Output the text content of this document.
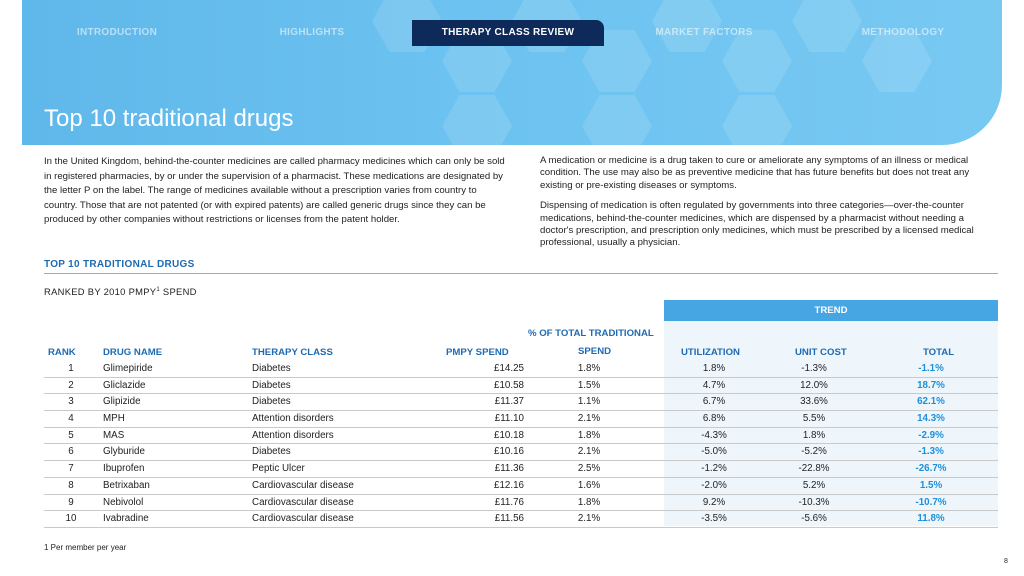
INTRODUCTION	HIGHLIGHTS	THERAPY CLASS REVIEW	MARKET FACTORS	METHODOLOGY
Top 10 traditional drugs
In the United Kingdom, behind-the-counter medicines are called pharmacy medicines which can only be sold in registered pharmacies, by or under the supervision of a pharmacist. These medications are designated by the letter P on the label. The range of medicines available without a prescription varies from country to country. Those that are not patented (or with expired patents) are called generic drugs since they can be produced by other companies without restrictions or licenses from the patent holder.

A medication or medicine is a drug taken to cure or ameliorate any symptoms of an illness or medical condition. The use may also be as preventive medicine that has future benefits but does not treat any existing or pre-existing diseases or symptoms.

Dispensing of medication is often regulated by governments into three categories—over-the-counter medications, behind-the-counter medicines, which are dispensed by a pharmacist without needing a doctor's prescription, and prescription only medicines, which must be prescribed by a licensed medical professional, usually a physician.

TOP 10 TRADITIONAL DRUGS
RANKED BY 2010 PMPY$^1$ SPEND
TREND
RANK	DRUG NAME	THERAPY CLASS	PMPY SPEND
% OF TOTAL TRADITIONAL
SPEND	UTILIZATION	UNIT COST	TOTAL
1	Glimepiride	Diabetes	£14.25	1.8%	1.8%	-1.3%	-1.1%
2	Gliclazide	Diabetes	£10.58	1.5%	4.7%	12.0%	18.7%
3	Glipizide	Diabetes	£11.37	1.1%	6.7%	33.6%	62.1%
4	MPH	Attention disorders	£11.10	2.1%	6.8%	5.5%	14.3%
5	MAS	Attention disorders	£10.18	1.8%	-4.3%	1.8%	-2.9%
6	Glyburide	Diabetes	£10.16	2.1%	-5.0%	-5.2%	-1.3%
7	Ibuprofen	Peptic Ulcer	£11.36	2.5%	-1.2%	-22.8%	-26.7%
8	Betrixaban	Cardiovascular disease	£12.16	1.6%	-2.0%	5.2%	1.5%
9	Nebivolol	Cardiovascular disease	£11.76	1.8%	9.2%	-10.3%	-10.7%
10	Ivabradine	Cardiovascular disease	£11.56	2.1%	-3.5%	-5.6%	11.8%
1 Per member per year
8
